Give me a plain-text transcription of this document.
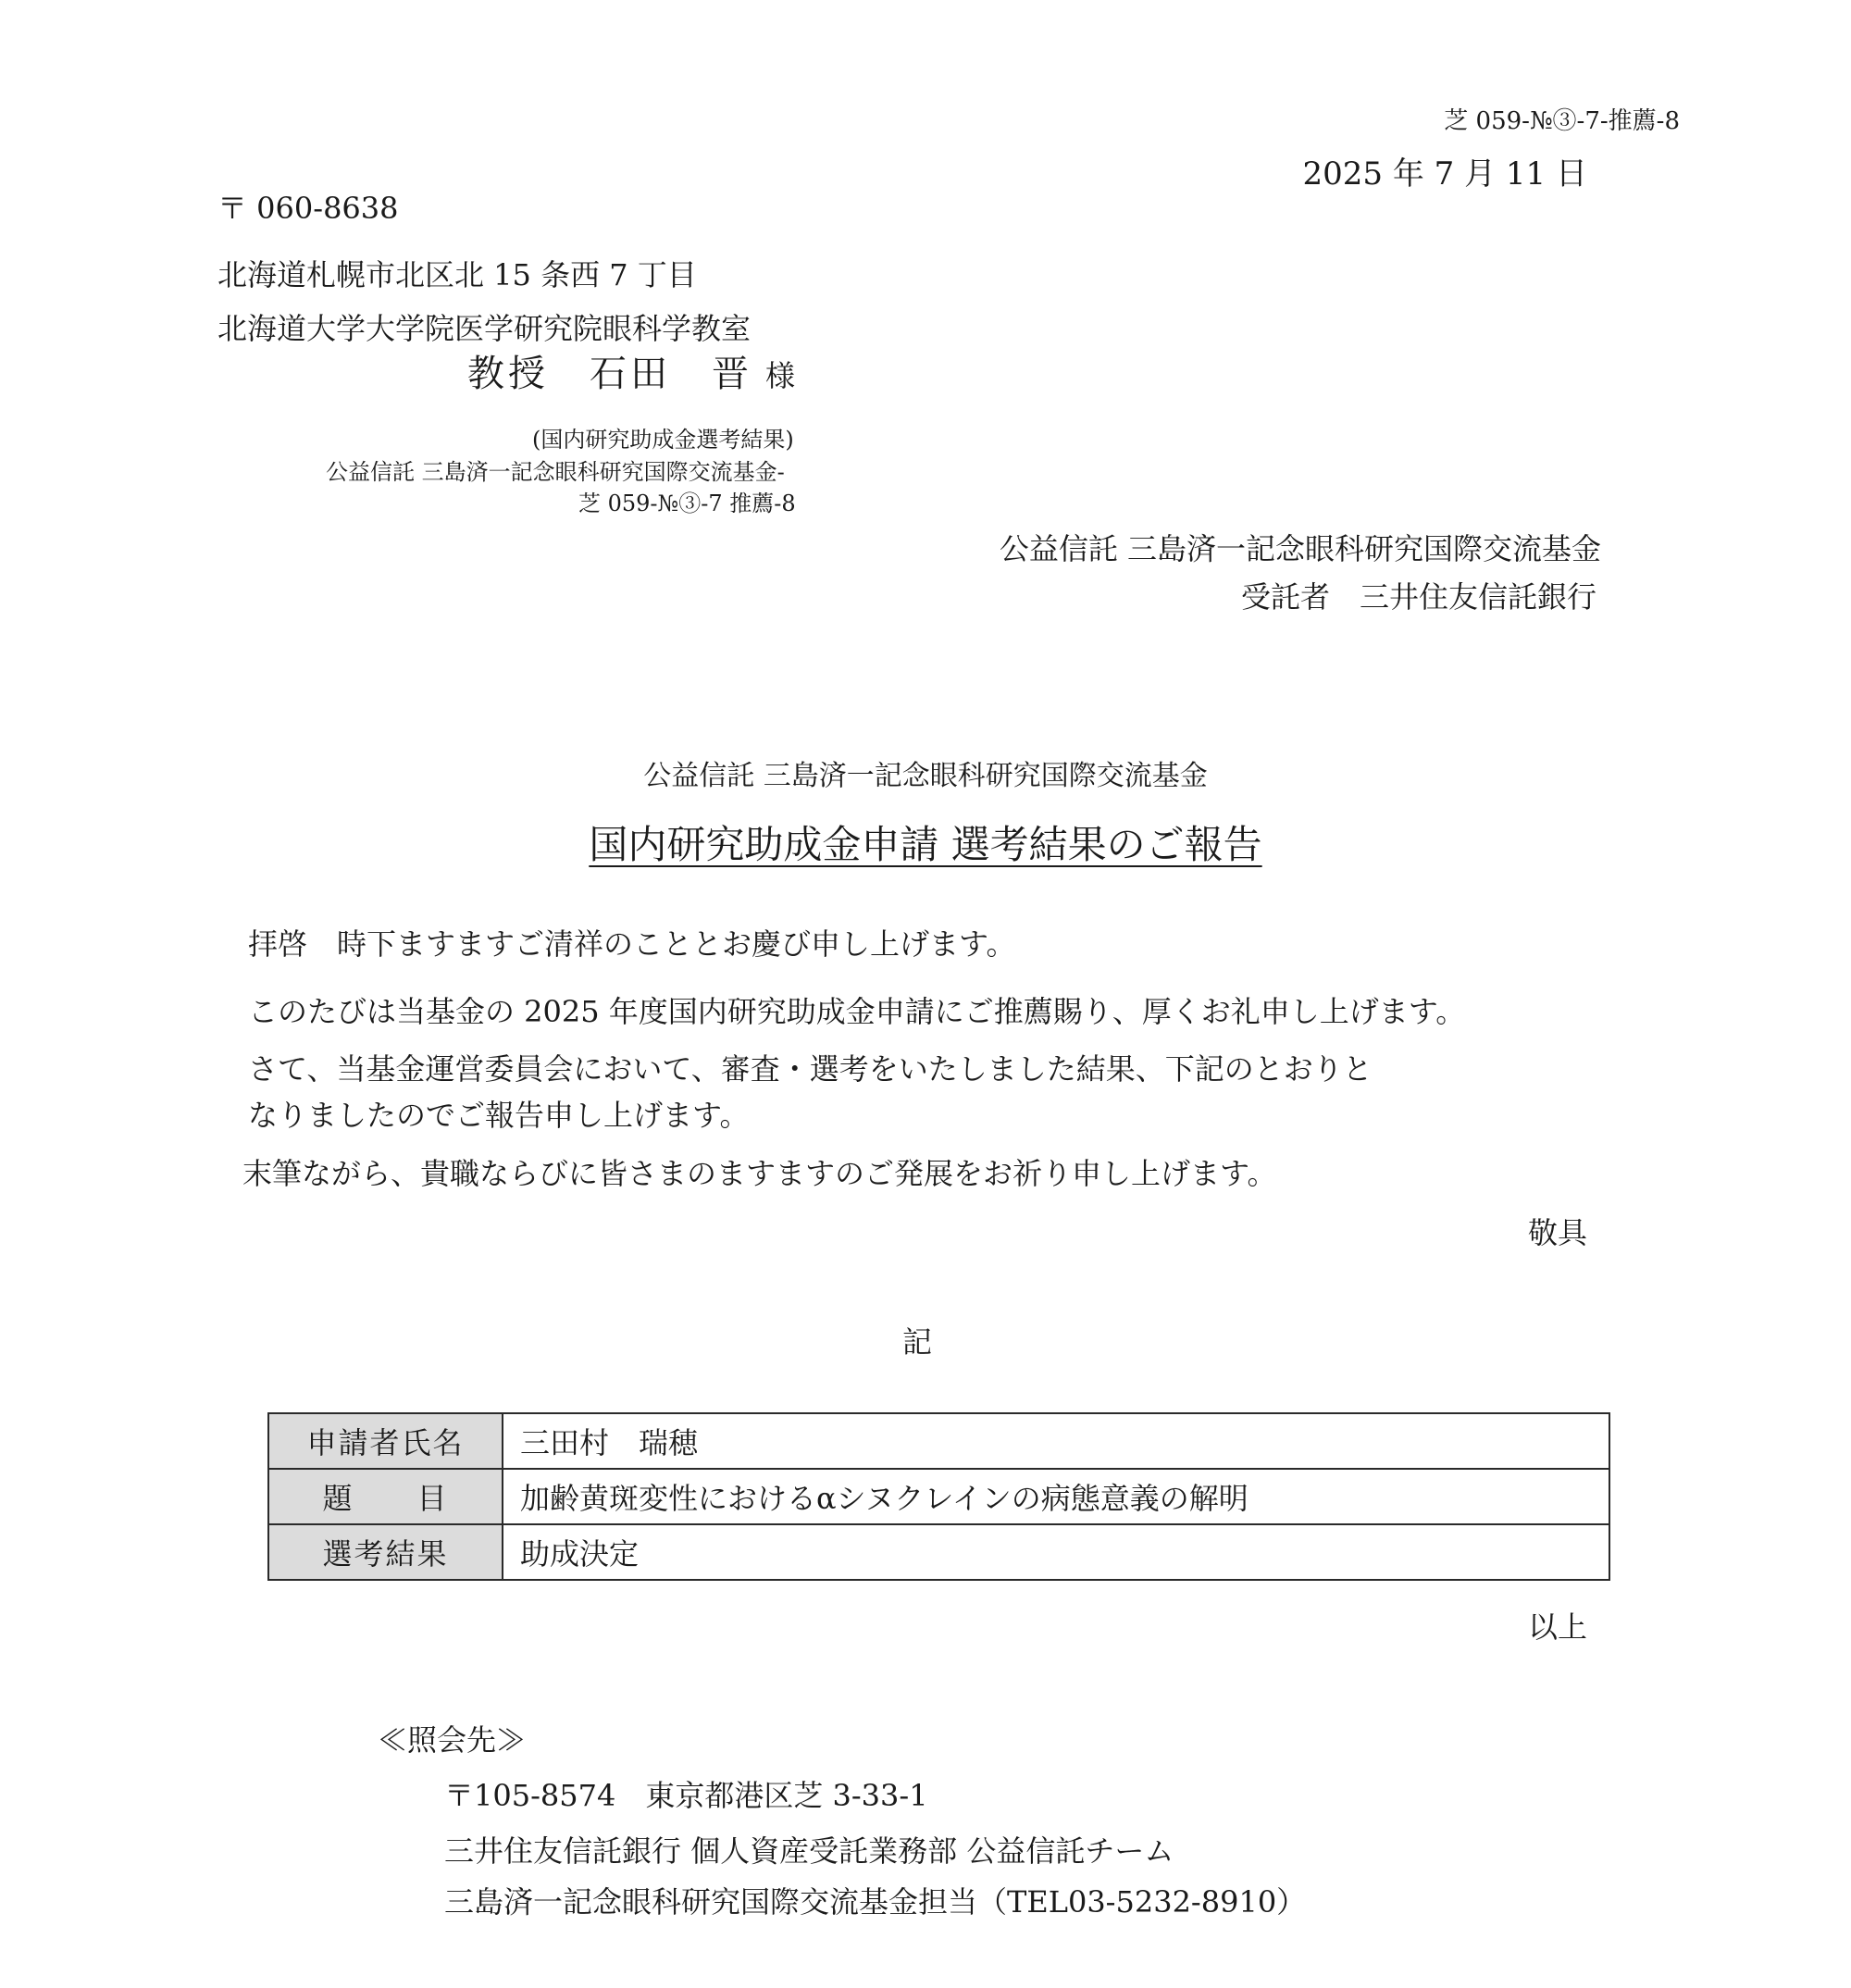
芝 059-№③-7-推薦-8
2025 年 7 月 11 日
〒 060-8638
北海道札幌市北区北 15 条西 7 丁目
北海道大学大学院医学研究院眼科学教室
教授　石田　晋 様
(国内研究助成金選考結果)
公益信託 三島済一記念眼科研究国際交流基金-
芝 059-№③-7 推薦-8
公益信託 三島済一記念眼科研究国際交流基金
受託者　三井住友信託銀行
公益信託 三島済一記念眼科研究国際交流基金
国内研究助成金申請 選考結果のご報告
拝啓　時下ますますご清祥のこととお慶び申し上げます。
このたびは当基金の 2025 年度国内研究助成金申請にご推薦賜り、厚くお礼申し上げます。
さて、当基金運営委員会において、審査・選考をいたしました結果、下記のとおりと
なりましたのでご報告申し上げます。
末筆ながら、貴職ならびに皆さまのますますのご発展をお祈り申し上げます。
敬具
記
申請者氏名	三田村　瑞穂
題　　目	加齢黄斑変性におけるαシヌクレインの病態意義の解明
選考結果	助成決定
以上
≪照会先≫
〒105-8574　東京都港区芝 3-33-1
三井住友信託銀行 個人資産受託業務部 公益信託チーム
三島済一記念眼科研究国際交流基金担当（TEL03-5232-8910）
